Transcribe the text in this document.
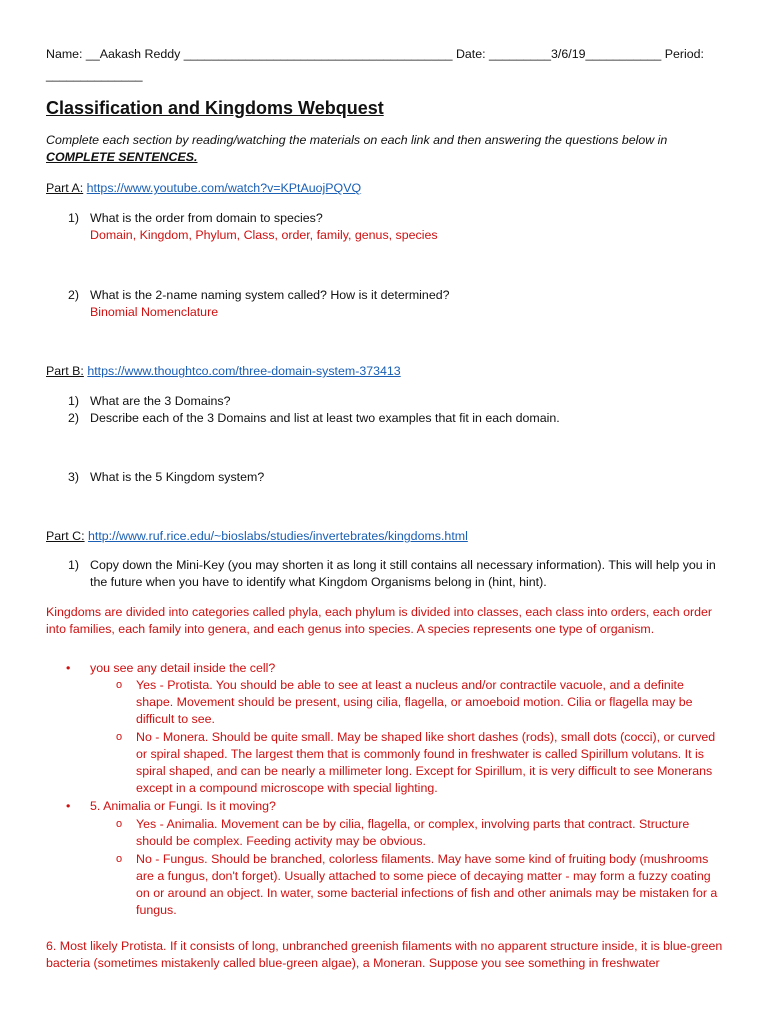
Name: __Aakash Reddy _______________________________________ Date: _________3/6/19___________ Period:
______________
Classification and Kingdoms Webquest
Complete each section by reading/watching the materials on each link and then answering the questions below in
COMPLETE SENTENCES.
Part A: https://www.youtube.com/watch?v=KPtAuojPQVQ
1) What is the order from domain to species?
Domain, Kingdom, Phylum, Class, order, family, genus, species
2) What is the 2-name naming system called? How is it determined?
Binomial Nomenclature
Part B: https://www.thoughtco.com/three-domain-system-373413
1) What are the 3 Domains?
2) Describe each of the 3 Domains and list at least two examples that fit in each domain.
3) What is the 5 Kingdom system?
Part C: http://www.ruf.rice.edu/~bioslabs/studies/invertebrates/kingdoms.html
1) Copy down the Mini-Key (you may shorten it as long it still contains all necessary information). This will help you in the future when you have to identify what Kingdom Organisms belong in (hint, hint).
Kingdoms are divided into categories called phyla, each phylum is divided into classes, each class into orders, each order into families, each family into genera, and each genus into species. A species represents one type of organism.
• you see any detail inside the cell?
o Yes - Protista. You should be able to see at least a nucleus and/or contractile vacuole, and a definite shape. Movement should be present, using cilia, flagella, or amoeboid motion. Cilia or flagella may be difficult to see.
o No - Monera. Should be quite small. May be shaped like short dashes (rods), small dots (cocci), or curved or spiral shaped. The largest them that is commonly found in freshwater is called Spirillum volutans. It is spiral shaped, and can be nearly a millimeter long. Except for Spirillum, it is very difficult to see Monerans except in a compound microscope with special lighting.
• 5. Animalia or Fungi. Is it moving?
o Yes - Animalia. Movement can be by cilia, flagella, or complex, involving parts that contract. Structure should be complex. Feeding activity may be obvious.
o No - Fungus. Should be branched, colorless filaments. May have some kind of fruiting body (mushrooms are a fungus, don't forget). Usually attached to some piece of decaying matter - may form a fuzzy coating on or around an object. In water, some bacterial infections of fish and other animals may be mistaken for a fungus.
6. Most likely Protista. If it consists of long, unbranched greenish filaments with no apparent structure inside, it is blue-green bacteria (sometimes mistakenly called blue-green algae), a Moneran. Suppose you see something in freshwater
